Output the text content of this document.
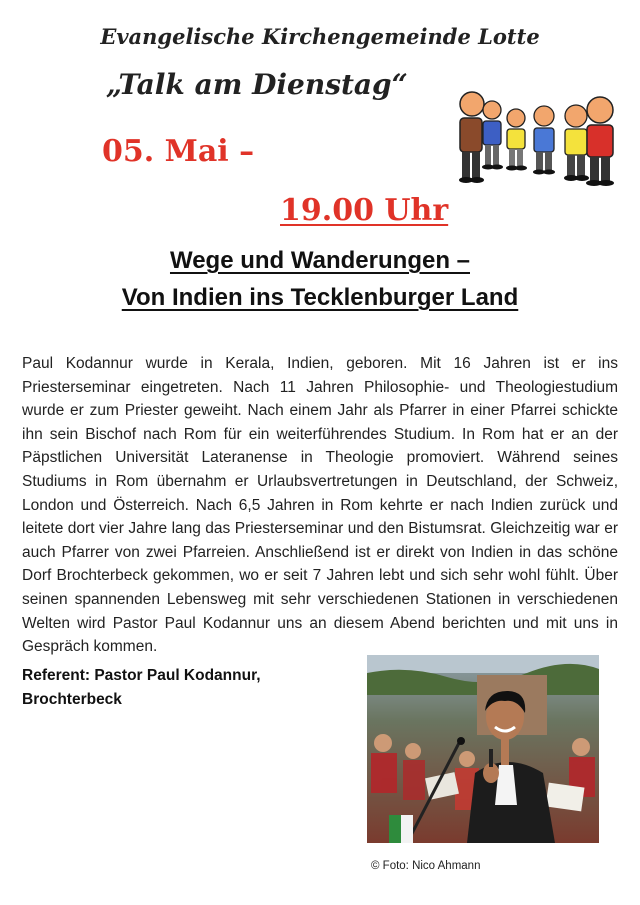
Evangelische Kirchengemeinde Lotte
„Talk am Dienstag“
05. Mai –
19.00 Uhr
Wege und Wanderungen –
Von Indien ins Tecklenburger Land
Paul Kodannur wurde in Kerala, Indien, geboren. Mit 16 Jahren ist er ins Priesterseminar eingetreten. Nach 11 Jahren Philosophie- und Theologiestudium wurde er zum Priester geweiht. Nach einem Jahr als Pfarrer in einer Pfarrei schickte ihn sein Bischof nach Rom für ein weiterführendes Studium. In Rom hat er an der Päpstlichen Universität Lateranense in Theologie promoviert. Während seines Studiums in Rom übernahm er Urlaubsvertretungen in Deutschland, der Schweiz, London und Österreich. Nach 6,5 Jahren in Rom kehrte er nach Indien zurück und leitete dort vier Jahre lang das Priesterseminar und den Bistumsrat. Gleichzeitig war er auch Pfarrer von zwei Pfarreien. Anschließend ist er direkt von Indien in das schöne Dorf Brochterbeck gekommen, wo er seit 7 Jahren lebt und sich sehr wohl fühlt. Über seinen spannenden Lebensweg mit sehr verschiedenen Stationen in verschiedenen Welten wird Pastor Paul Kodannur uns an diesem Abend berichten und mit uns in Gespräch kommen.
Referent: Pastor Paul Kodannur,
Brochterbeck
© Foto: Nico Ahmann
